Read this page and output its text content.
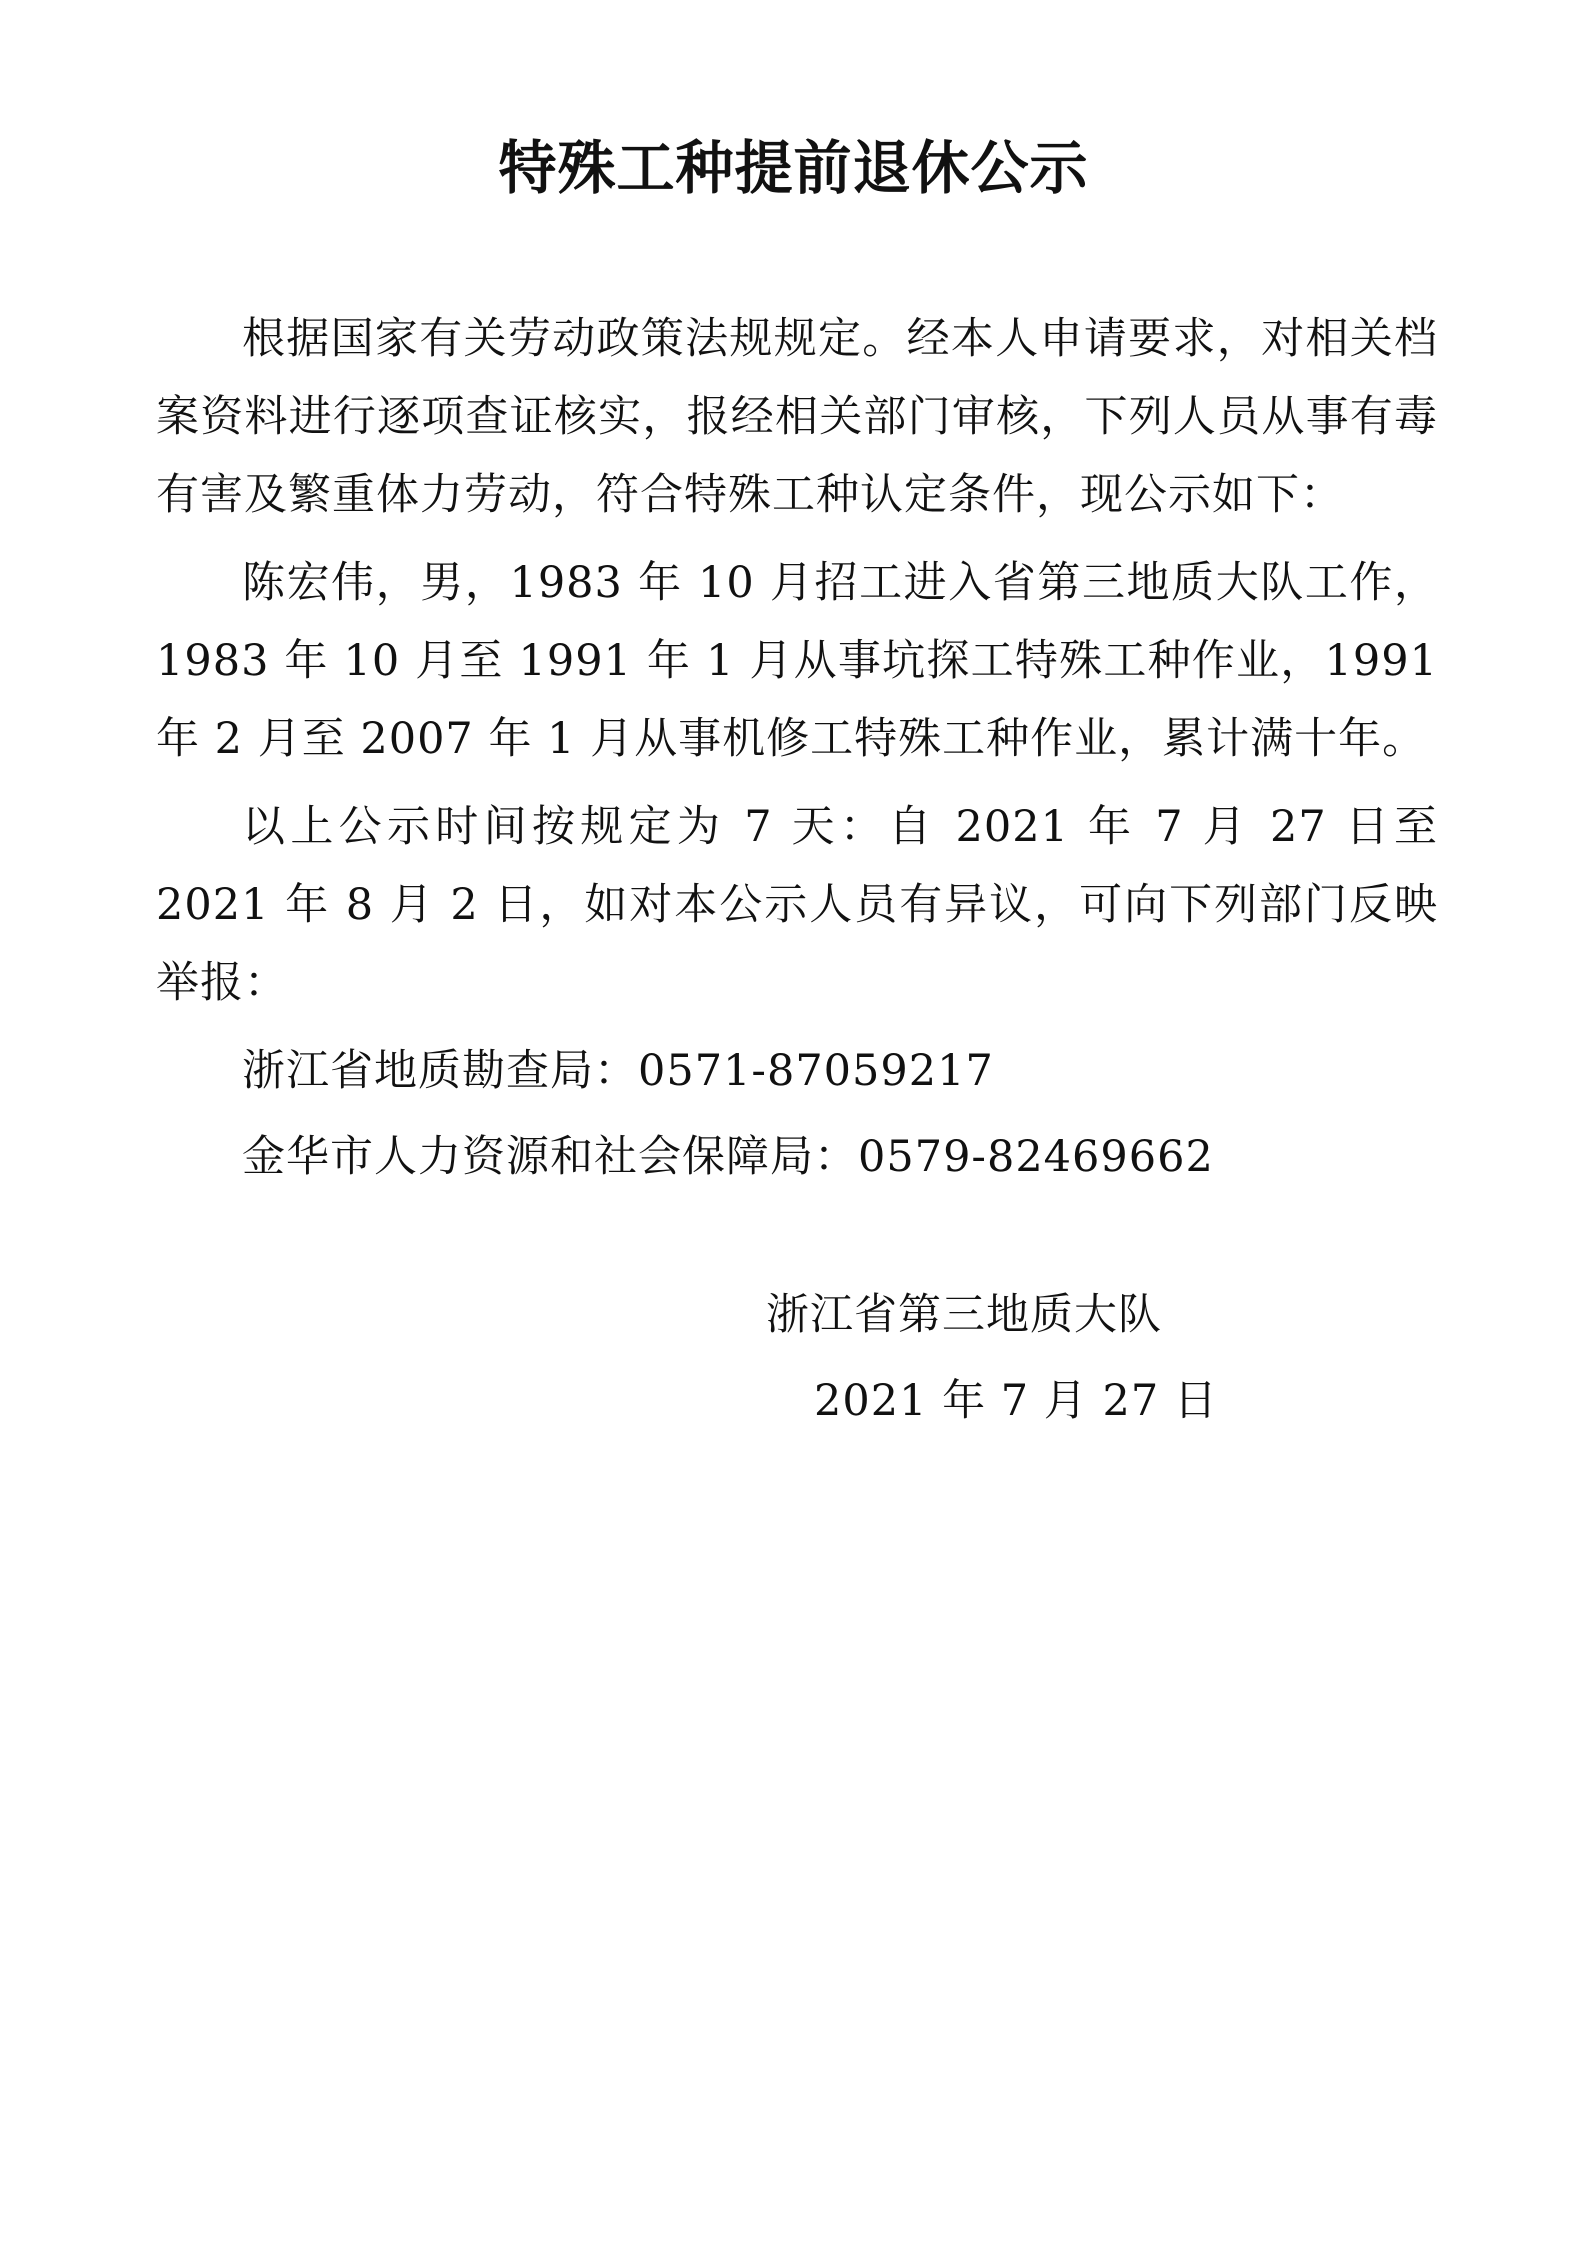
特殊工种提前退休公示

根据国家有关劳动政策法规规定。经本人申请要求，对相关档案资料进行逐项查证核实，报经相关部门审核，下列人员从事有毒有害及繁重体力劳动，符合特殊工种认定条件，现公示如下：

陈宏伟，男，1983 年 10 月招工进入省第三地质大队工作，1983 年 10 月至 1991 年 1 月从事坑探工特殊工种作业，1991 年 2 月至 2007 年 1 月从事机修工特殊工种作业，累计满十年。

以上公示时间按规定为 7 天：自 2021 年 7 月 27 日至 2021 年 8 月 2 日，如对本公示人员有异议，可向下列部门反映举报：

浙江省地质勘查局：0571-87059217

金华市人力资源和社会保障局：0579-82469662

浙江省第三地质大队
2021 年 7 月 27 日
